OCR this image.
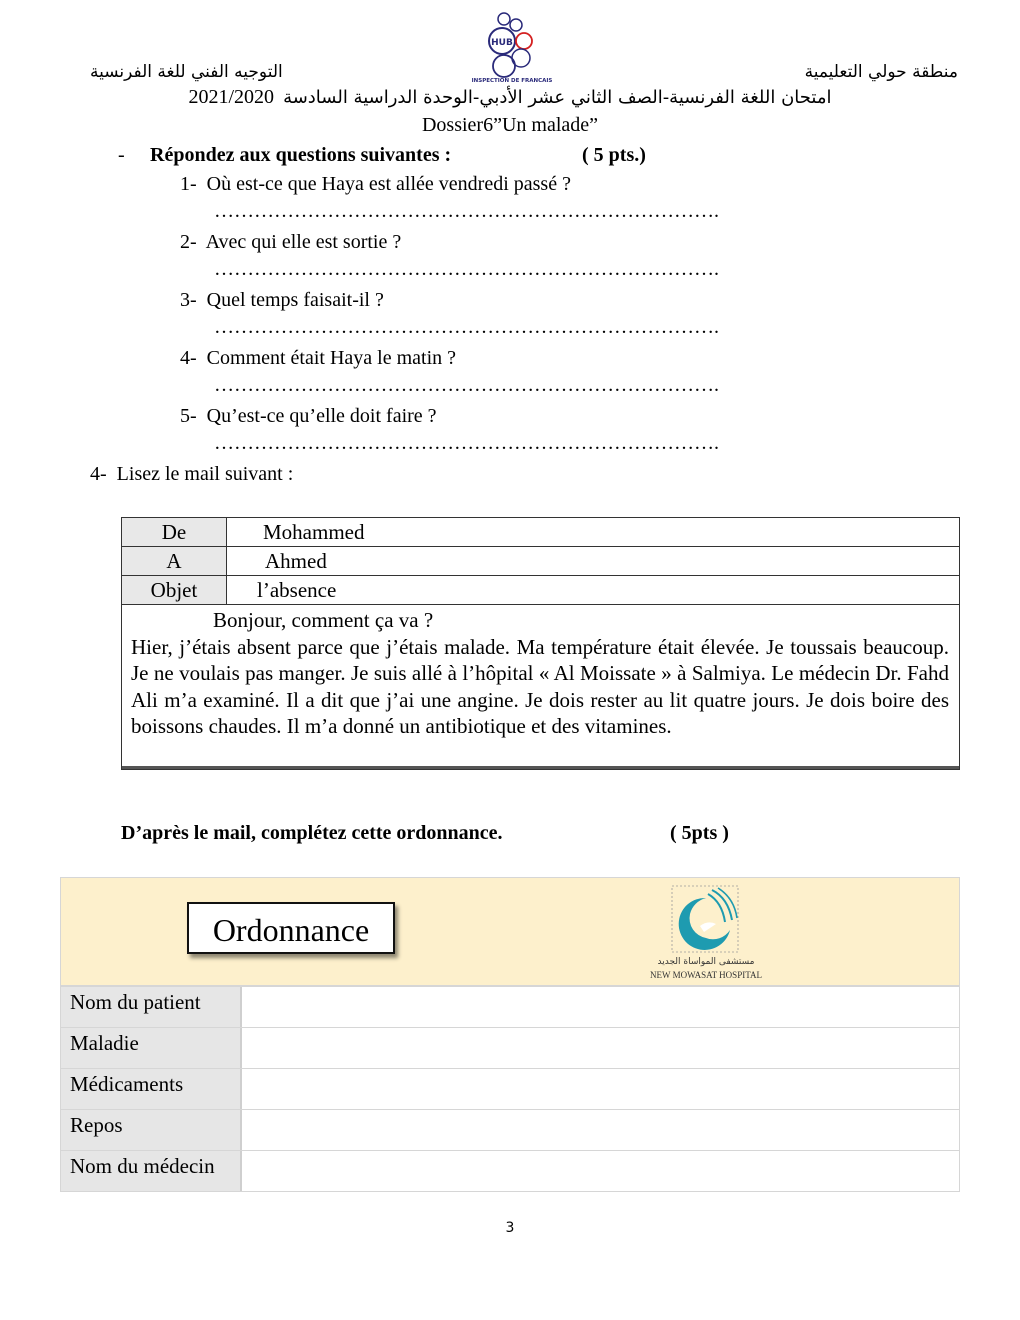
HUB
INSPECTION DE FRANCAIS	منطقة حولي التعليمية
التوجيه الفني للغة الفرنسية
2021/2020 امتحان اللغة الفرنسية-الصف الثاني عشر الأدبي-الوحدة الدراسية السادسة
Dossier6”Un malade”
- Répondez aux questions suivantes :	( 5 pts.)
1- Où est-ce que Haya est allée vendredi passé ?
………………………………………………………………….
2- Avec qui elle est sortie ?
………………………………………………………………….
3- Quel temps faisait-il ?
………………………………………………………………….
4- Comment était Haya le matin ?
………………………………………………………………….
5- Qu’est-ce qu’elle doit faire ?
………………………………………………………………….
4- Lisez le mail suivant :
De	Mohammed
A	Ahmed
Objet	l’absence
Bonjour, comment ça va ?
Hier, j’étais absent parce que j’étais malade. Ma température était élevée. Je toussais beaucoup. Je ne voulais pas manger. Je suis allé à l’hôpital « Al Moissate » à Salmiya. Le médecin Dr. Fahd Ali m’a examiné. Il a dit que j’ai une angine. Je dois rester au lit quatre jours. Je dois boire des boissons chaudes. Il m’a donné un antibiotique et des vitamines.
D’après le mail, complétez cette ordonnance.	( 5pts )
Ordonnance
مستشفى المواساة الجديد
NEW MOWASAT HOSPITAL
Nom du patient
Maladie
Médicaments
Repos
Nom du médecin
3
